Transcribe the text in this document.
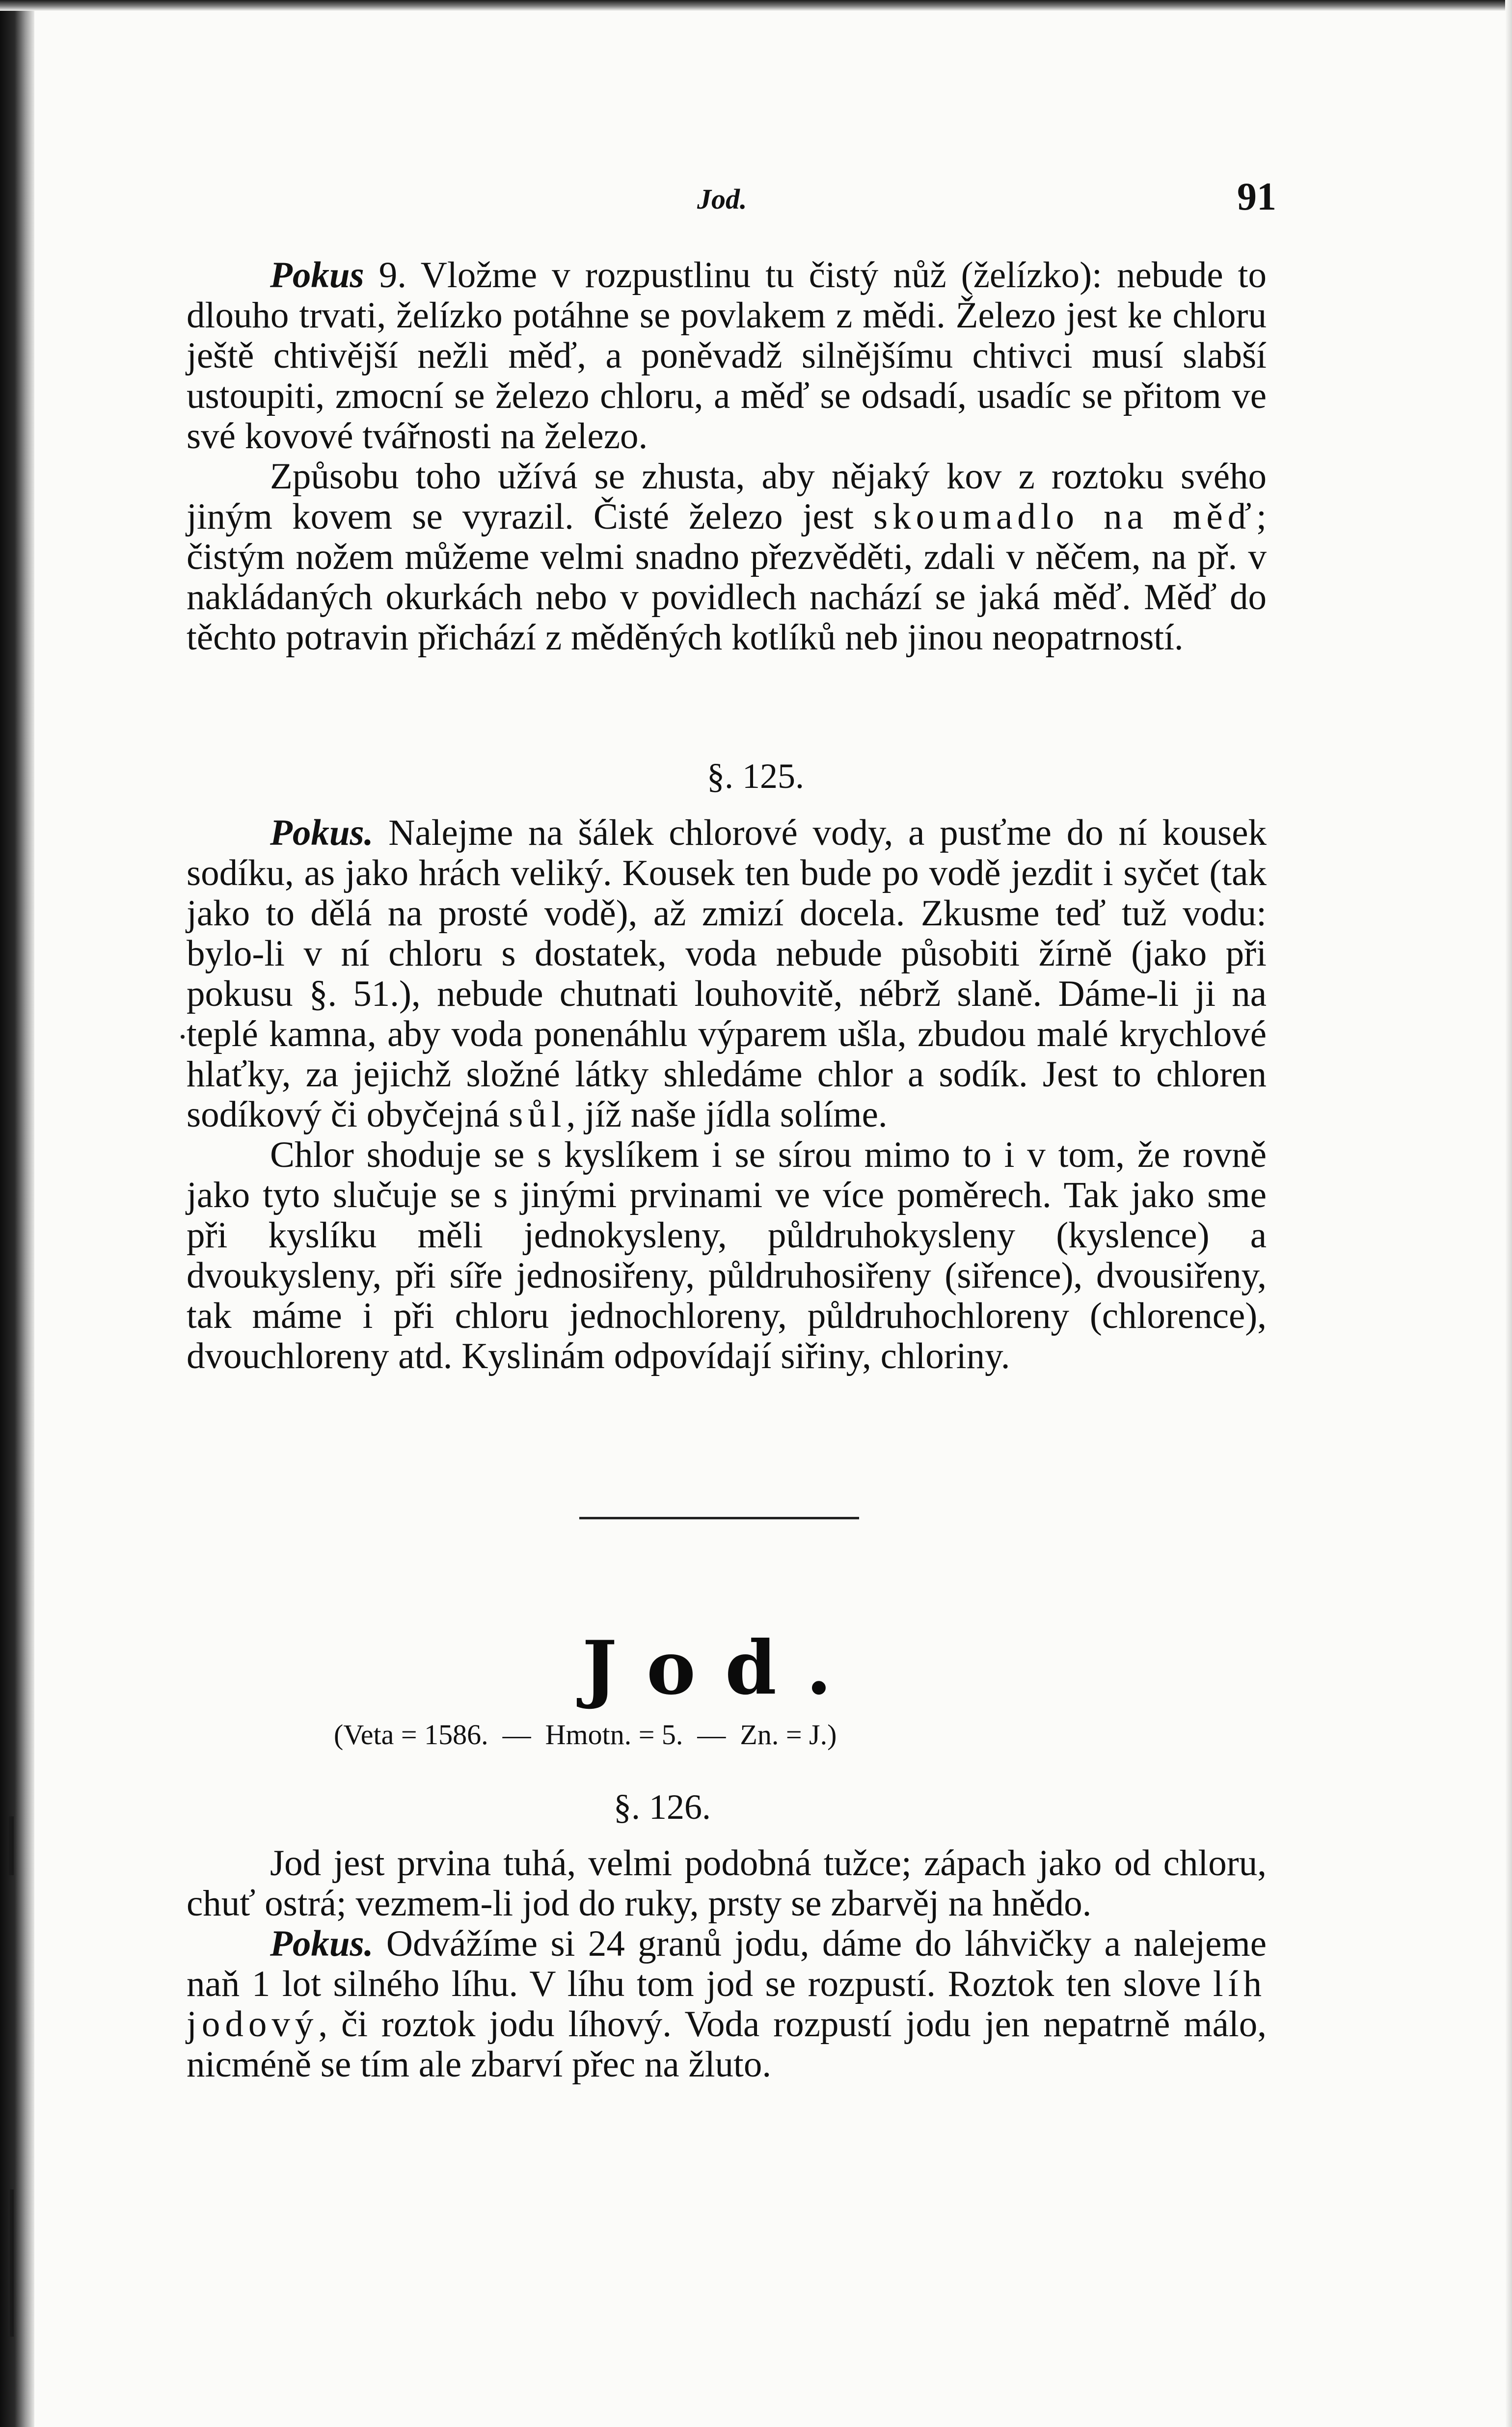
Jod.	91

Pokus 9. Vložme v rozpustlinu tu čistý nůž (želízko): nebude to dlouho trvati, želízko potáhne se povlakem z mědi. Železo jest ke chloru ještě chtivější nežli měď, a poněvadž silnějšímu chtivci musí slabší ustoupiti, zmocní se železo chloru, a měď se odsadí, usadíc se přitom ve své kovové tvářnosti na železo.

Způsobu toho užívá se zhusta, aby nějaký kov z roztoku svého jiným kovem se vyrazil. Čisté železo jest skoumadlo na měď; čistým nožem můžeme velmi snadno přezvěděti, zdali v něčem, na př. v nakládaných okurkách nebo v povidlech nachází se jaká měď. Měď do těchto potravin přichází z měděných kotlíků neb jinou neopatrností.

§. 125.

Pokus. Nalejme na šálek chlorové vody, a pusťme do ní kousek sodíku, as jako hrách veliký. Kousek ten bude po vodě jezdit i syčet (tak jako to dělá na prosté vodě), až zmizí docela. Zkusme teď tuž vodu: bylo-li v ní chloru s dostatek, voda nebude působiti žírně (jako při pokusu §. 51.), nebude chutnati louhovitě, nébrž slaně. Dáme-li ji na teplé kamna, aby voda ponenáhlu výparem ušla, zbudou malé krychlové hlaťky, za jejichž složné látky shledáme chlor a sodík. Jest to chloren sodíkový či obyčejná sůl, jíž naše jídla solíme.

Chlor shoduje se s kyslíkem i se sírou mimo to i v tom, že rovně jako tyto slučuje se s jinými prvinami ve více poměrech. Tak jako sme při kyslíku měli jednokysleny, půldruhokysleny (kyslence) a dvoukysleny, při síře jednosiřeny, půldruhosiřeny (siřence), dvousiřeny, tak máme i při chloru jednochloreny, půldruhochloreny (chlorence), dvouchloreny atd. Kyslinám odpovídají siřiny, chloriny.

Jod.
(Veta = 1586.  —  Hmotn. = 5.  —  Zn. = J.)
§. 126.

Jod jest prvina tuhá, velmi podobná tužce; zápach jako od chloru, chuť ostrá; vezmem-li jod do ruky, prsty se zbarvěj na hnědo.

Pokus. Odvážíme si 24 granů jodu, dáme do láhvičky a nalejeme naň 1 lot silného líhu. V líhu tom jod se rozpustí. Roztok ten slove líh jodový, či roztok jodu líhový. Voda rozpustí jodu jen nepatrně málo, nicméně se tím ale zbarví přec na žluto.
